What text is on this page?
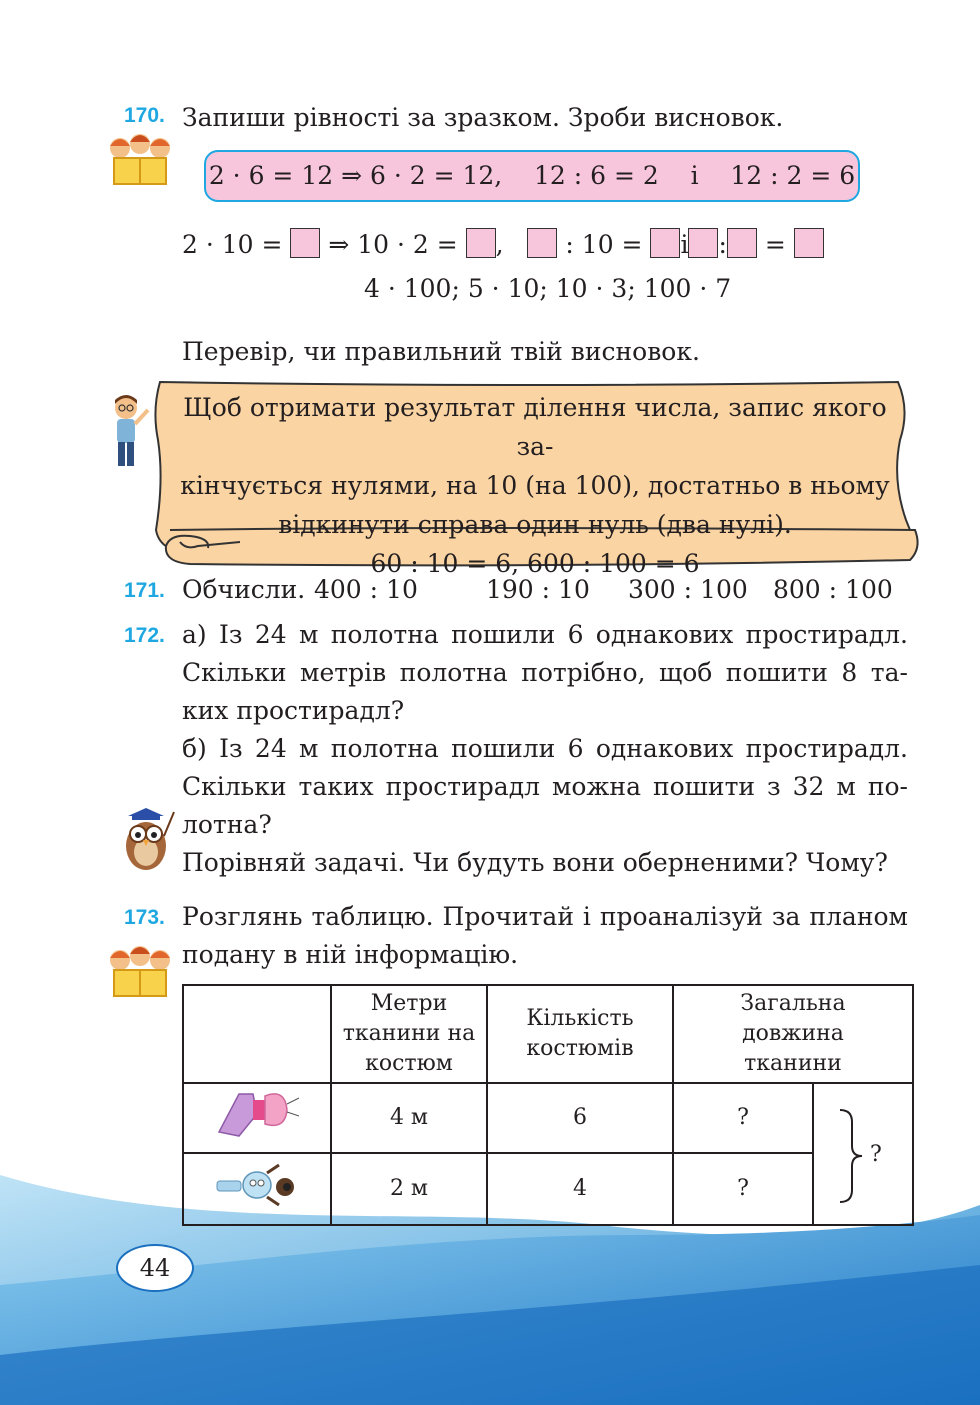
170. Запиши рівності за зразком. Зроби висновок.
2 · 6 = 12 ⇒ 6 · 2 = 12,    12 : 6 = 2    і    12 : 2 = 6
2 · 10 = ⇒ 10 · 2 = , : 10 = і : =
4 · 100; 5 · 10; 10 · 3; 100 · 7
Перевір, чи правильний твій висновок.
Щоб отримати результат ділення числа, запис якого за-
кінчується нулями, на 10 (на 100), достатньо в ньому
відкинути справа один нуль (два нулі).
60 : 10 = 6, 600 : 100 = 6
171. Обчисли. 400 : 10	190 : 10 300 : 100 800 : 100
172. а) Із 24 м полотна пошили 6 однакових простирадл.
Скільки метрів полотна потрібно, щоб пошити 8 та-
ких простирадл?
б) Із 24 м полотна пошили 6 однакових простирадл.
Скільки таких простирадл можна пошити з 32 м по-
лотна?
Порівняй задачі. Чи будуть вони оберненими? Чому?
173. Розглянь таблицю. Прочитай і проаналізуй за планом
подану в ній інформацію.
	Метри тканини на костюм	Кількість костюмів	Загальна довжина тканини	
	4 м	6	?	?

	2 м	4	?	
44
